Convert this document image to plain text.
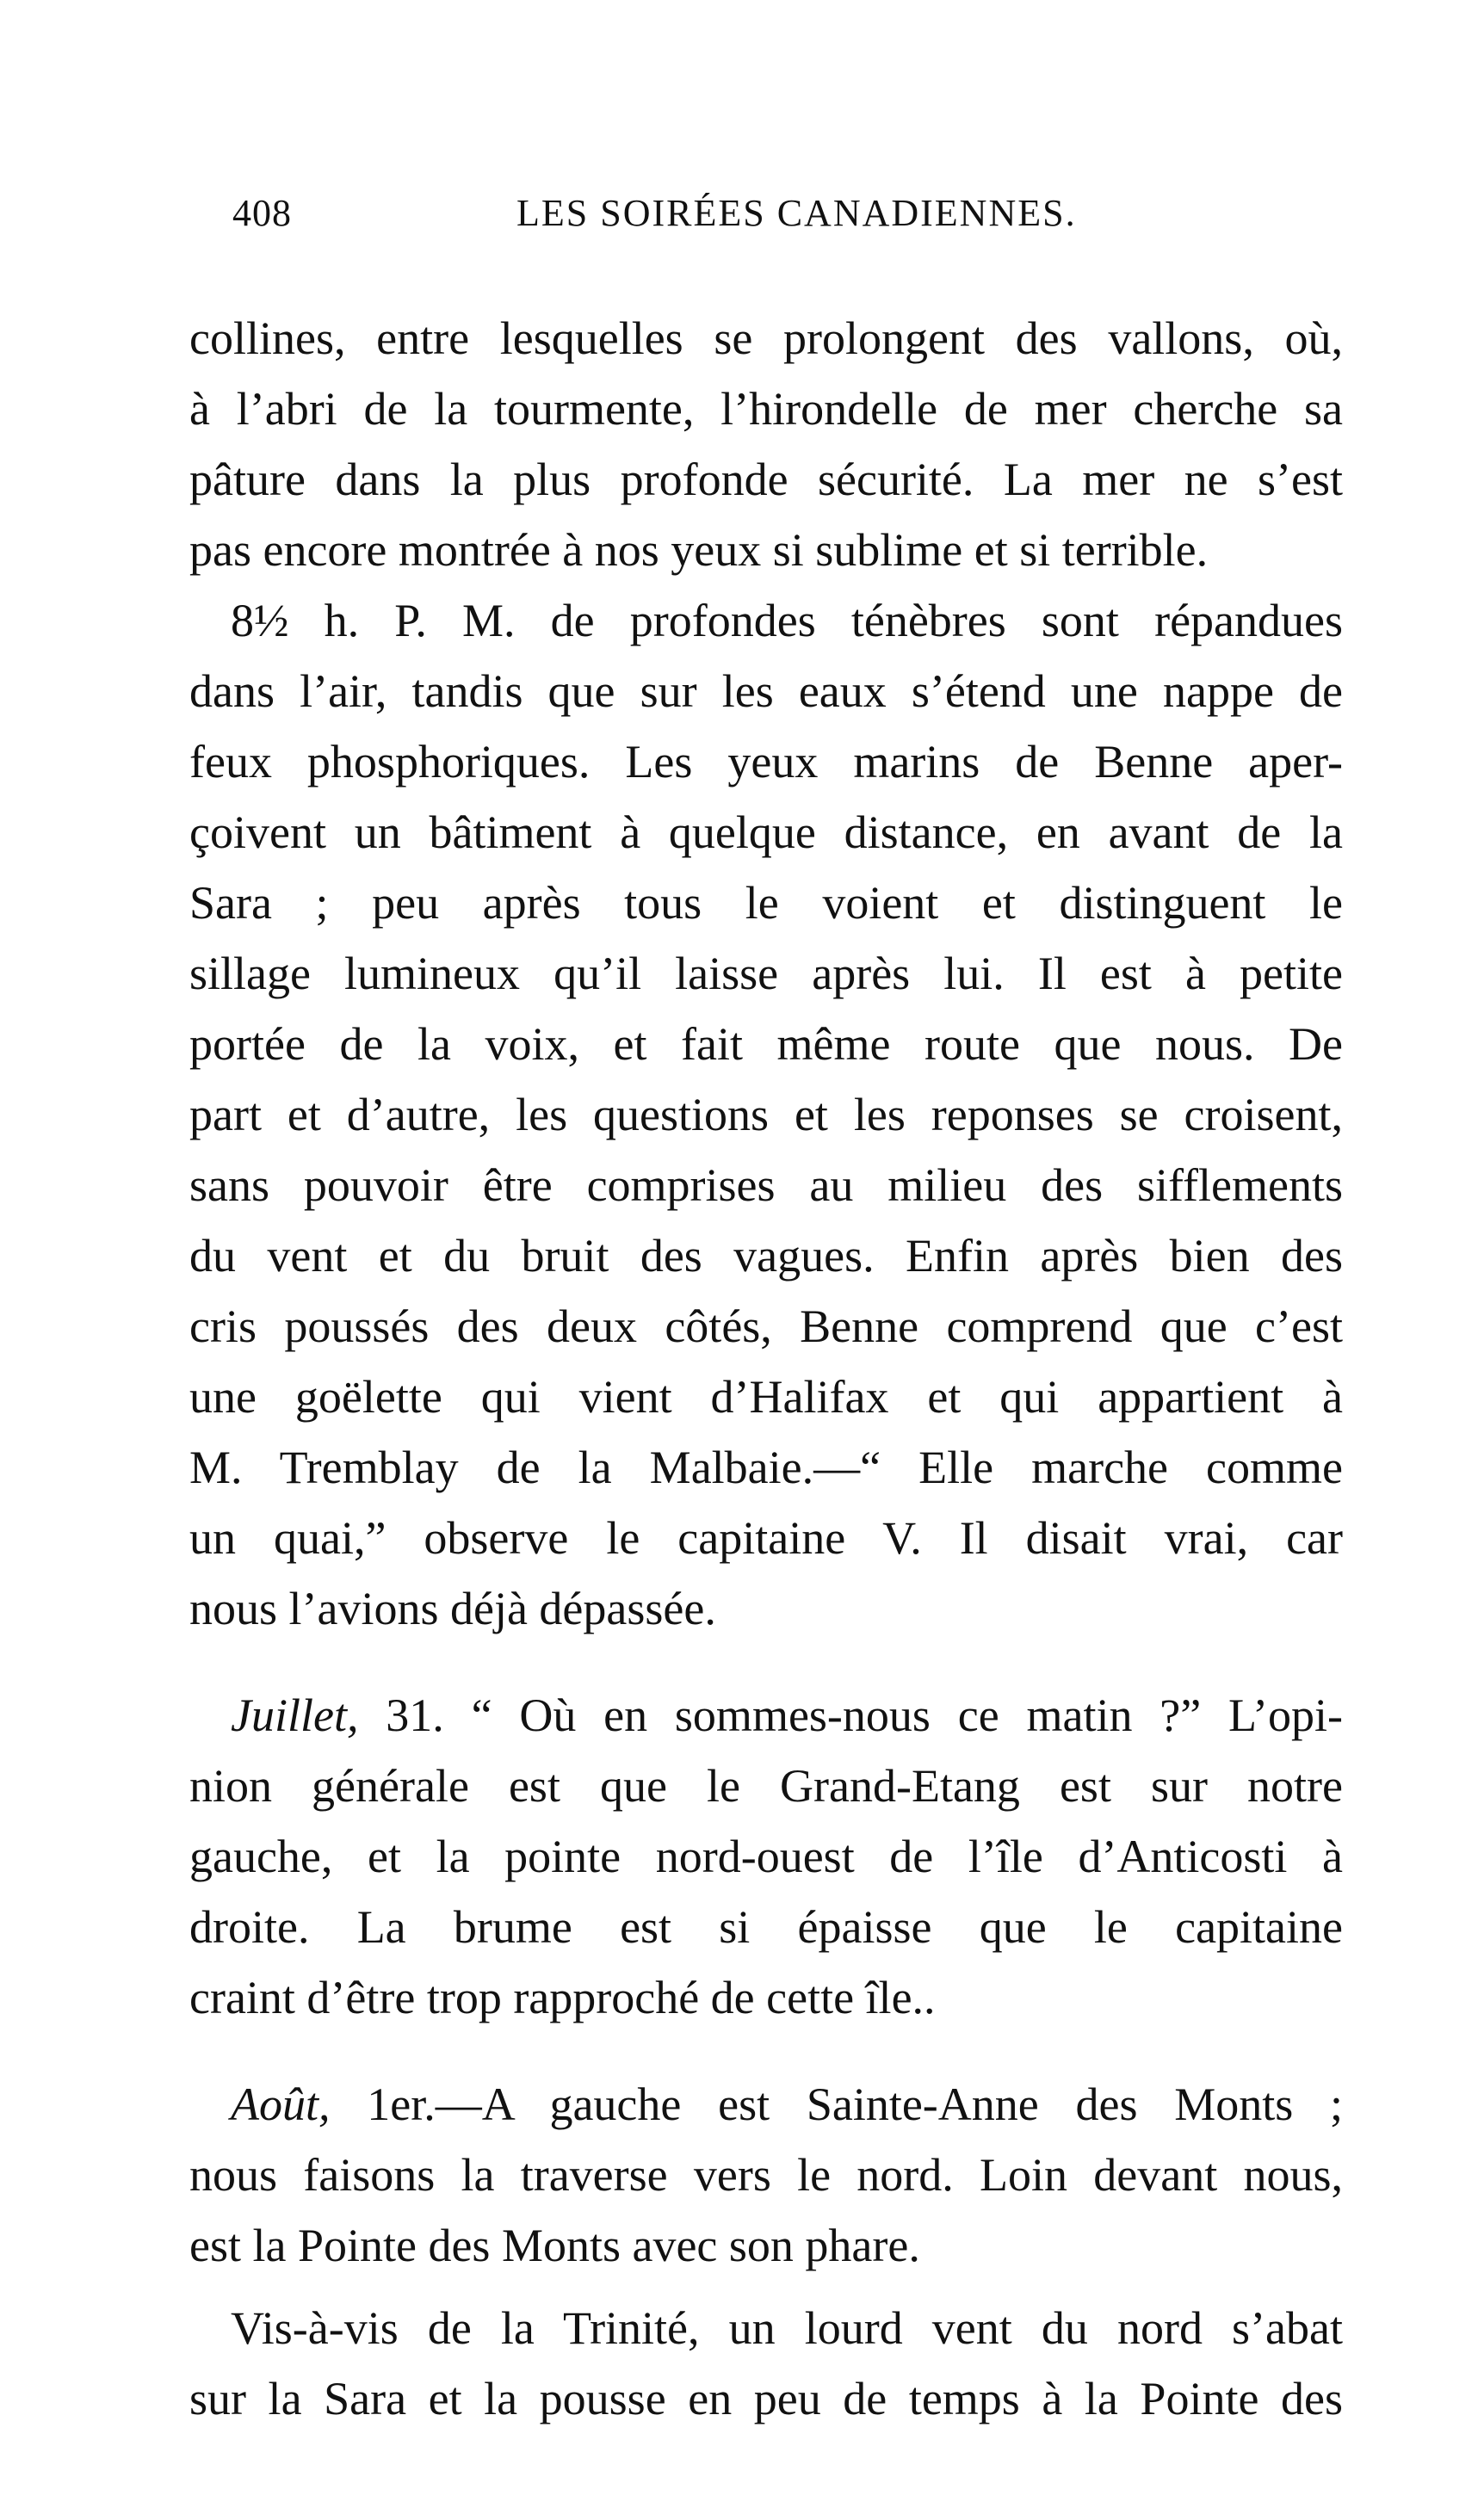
408	LES SOIRÉES CANADIENNES.

collines, entre lesquelles se prolongent des vallons, où,
à l’abri de la tourmente, l’hirondelle de mer cherche sa
pâture dans la plus profonde sécurité. La mer ne s’est
pas encore montrée à nos yeux si sublime et si terrible.

8½ h. P. M. de profondes ténèbres sont répandues
dans l’air, tandis que sur les eaux s’étend une nappe de
feux phosphoriques. Les yeux marins de Benne aper-
çoivent un bâtiment à quelque distance, en avant de la
Sara ; peu après tous le voient et distinguent le
sillage lumineux qu’il laisse après lui. Il est à petite
portée de la voix, et fait même route que nous. De
part et d’autre, les questions et les reponses se croisent,
sans pouvoir être comprises au milieu des sifflements
du vent et du bruit des vagues. Enfin après bien des
cris poussés des deux côtés, Benne comprend que c’est
une goëlette qui vient d’Halifax et qui appartient à
M. Tremblay de la Malbaie.—“ Elle marche comme
un quai,” observe le capitaine V. Il disait vrai, car
nous l’avions déjà dépassée.

Juillet, 31. “ Où en sommes-nous ce matin ?” L’opi-
nion générale est que le Grand-Etang est sur notre
gauche, et la pointe nord-ouest de l’île d’Anticosti à
droite. La brume est si épaisse que le capitaine
craint d’être trop rapproché de cette île..

Août, 1er.—A gauche est Sainte-Anne des Monts ;
nous faisons la traverse vers le nord. Loin devant nous,
est la Pointe des Monts avec son phare.

Vis-à-vis de la Trinité, un lourd vent du nord s’abat
sur la Sara et la pousse en peu de temps à la Pointe des
